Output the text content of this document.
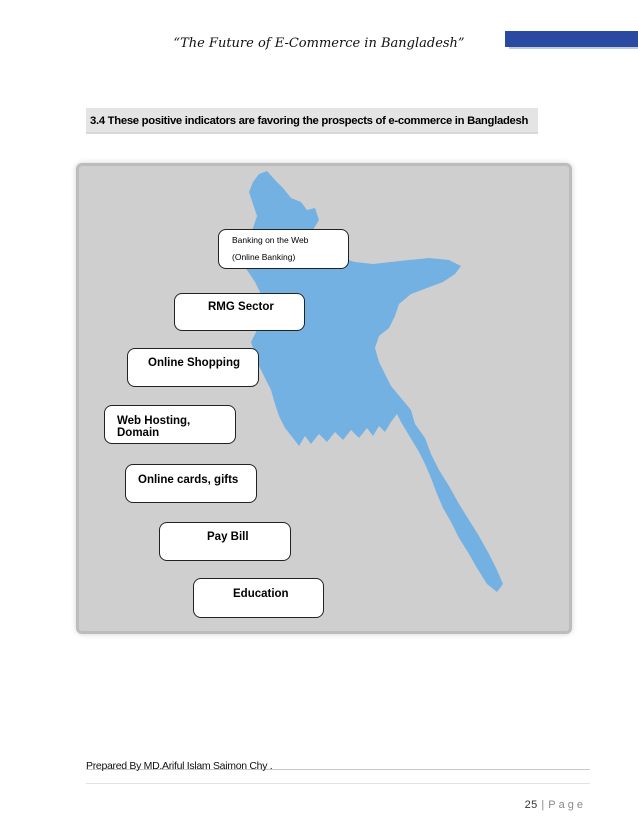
“The Future of E-Commerce in Bangladesh”
3.4 These positive indicators are favoring the prospects of e-commerce in Bangladesh
Banking on the Web
(Online Banking)
RMG Sector
Online Shopping
Web Hosting, Domain
Online cards, gifts
Pay Bill
Education
Prepared By MD.Ariful Islam Saimon Chy .
25 | Page
